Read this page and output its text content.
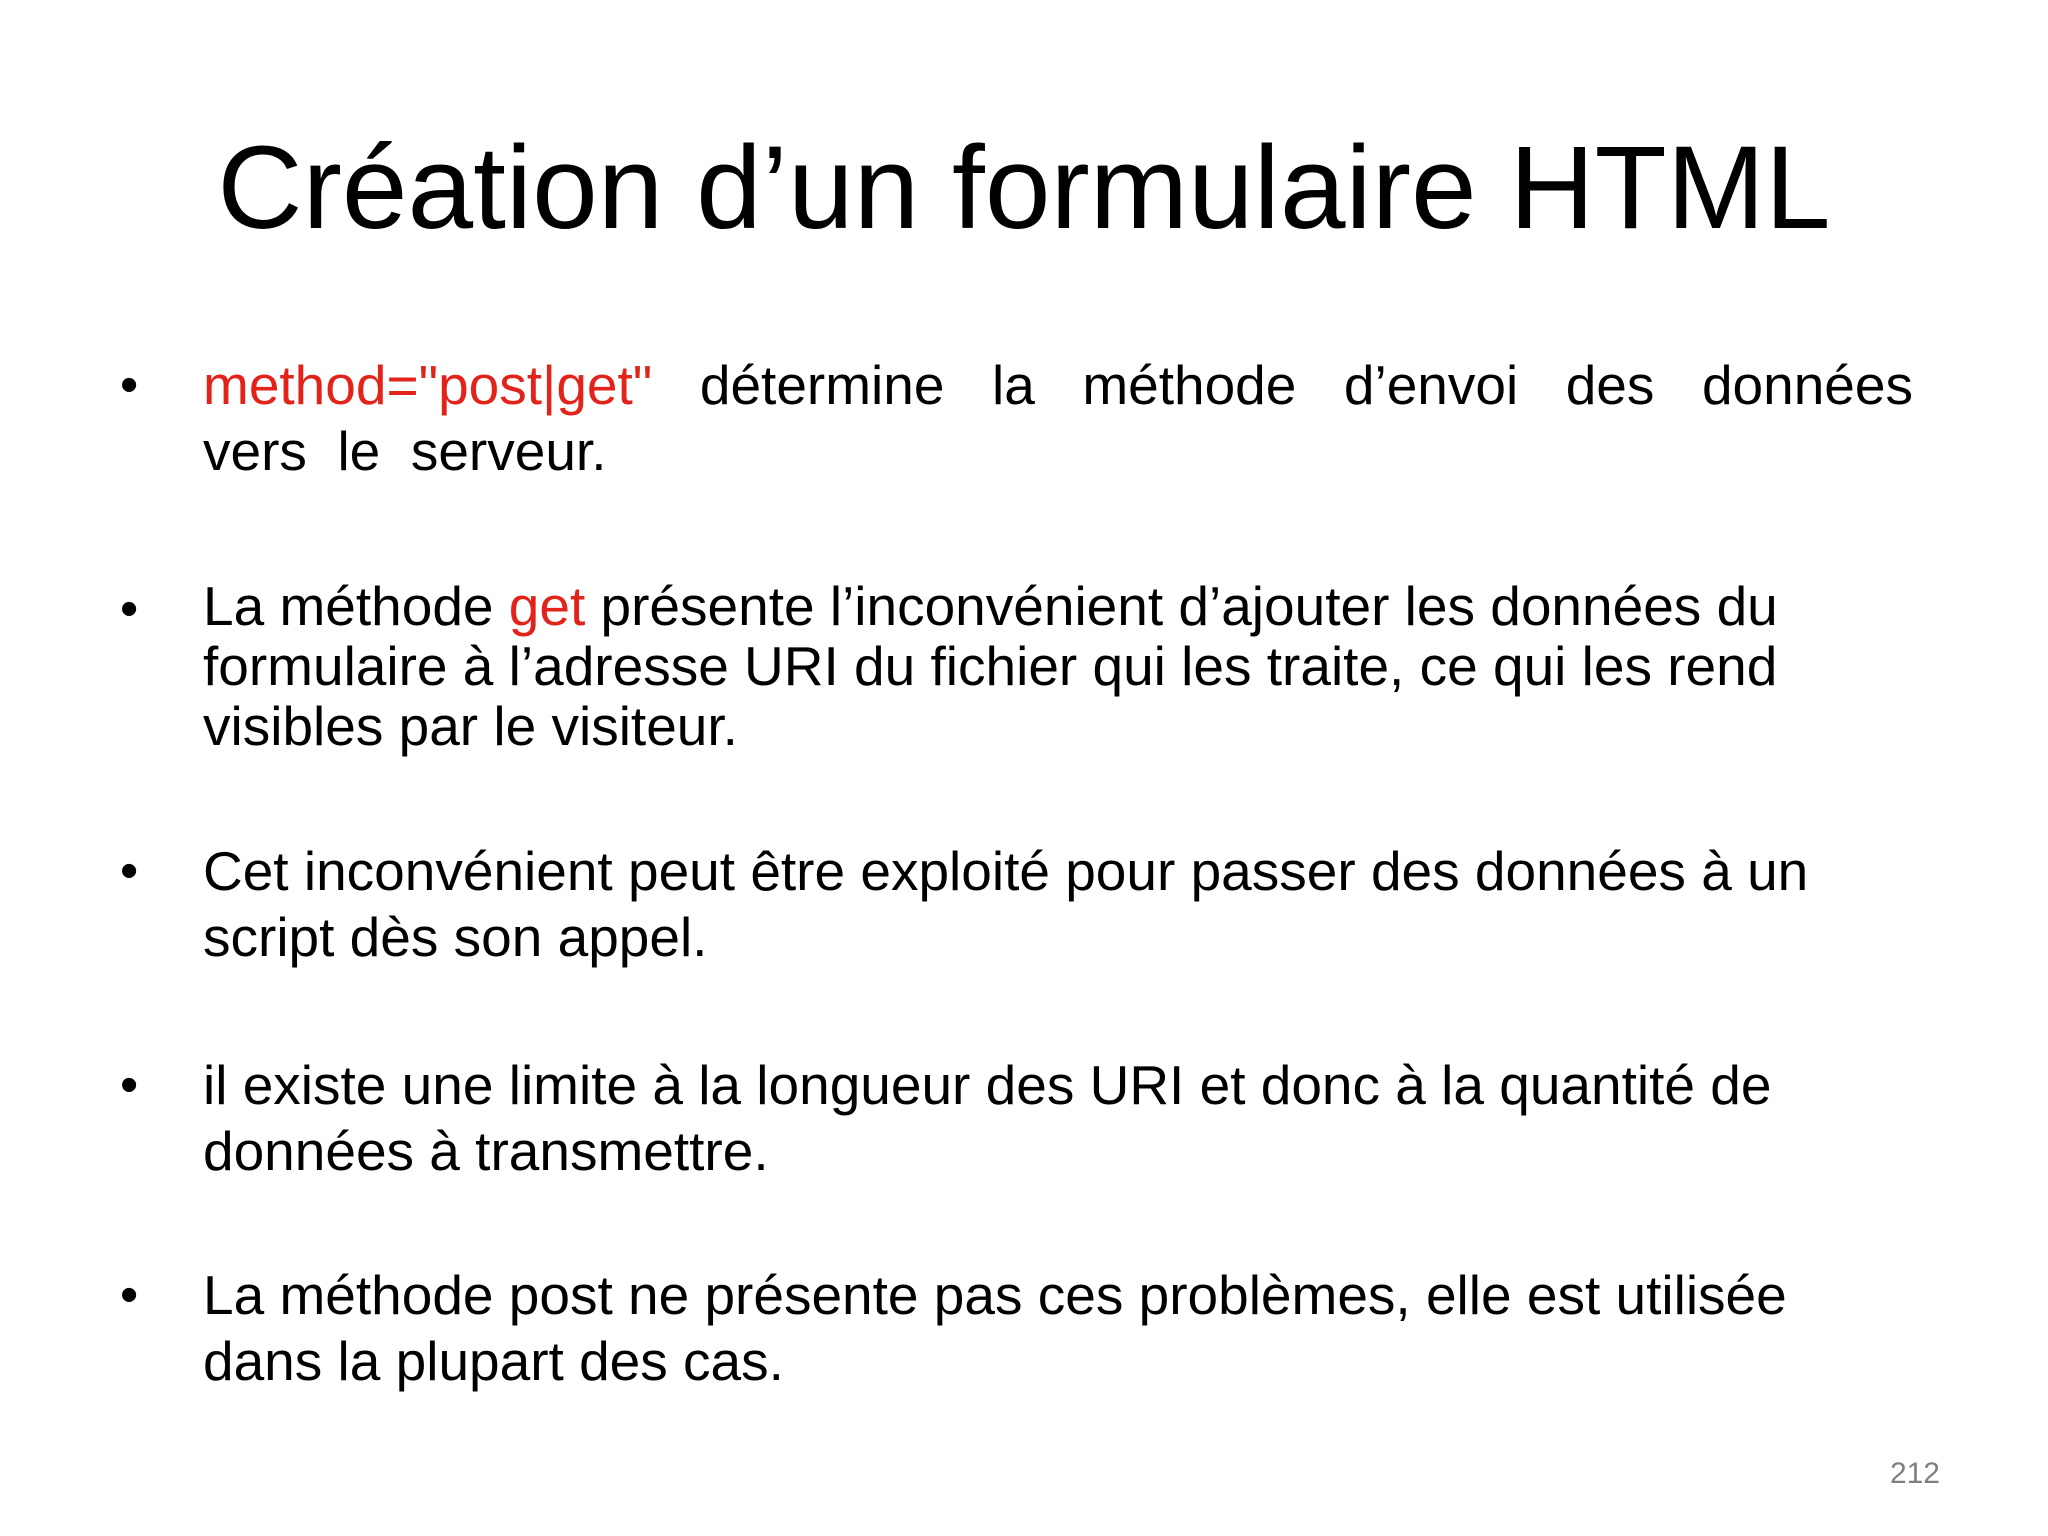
Création d’un formulaire HTML
•	method="post|get" détermine la méthode d’envoi des données
vers  le  serveur.
•	La méthode get présente l’inconvénient d’ajouter les données du formulaire à l’adresse URI du fichier qui les traite, ce qui les rend visibles par le visiteur.
•	Cet inconvénient peut être exploité pour passer des données à un script dès son appel.
•	il existe une limite à la longueur des URI et donc à la quantité de données à transmettre.
•	La méthode post ne présente pas ces problèmes, elle est utilisée dans la plupart des cas.
212
